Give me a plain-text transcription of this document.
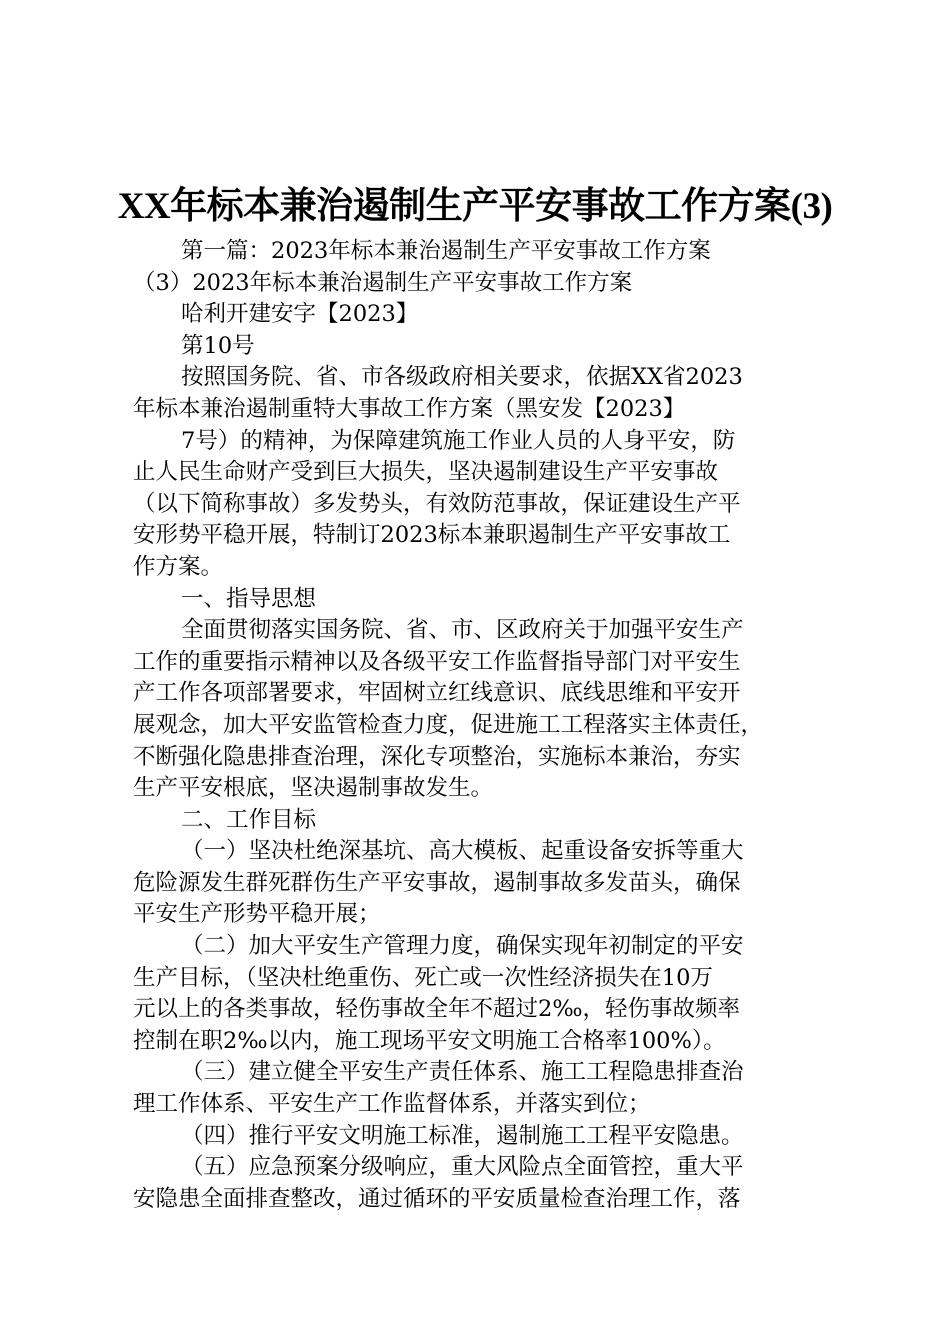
XX年标本兼治遏制生产平安事故工作方案(3)
第一篇：2023年标本兼治遏制生产平安事故工作方案
（3）2023年标本兼治遏制生产平安事故工作方案
哈利开建安字【2023】
第10号
按照国务院、省、市各级政府相关要求，依据XX省2023
年标本兼治遏制重特大事故工作方案（黑安发【2023】
7号）的精神，为保障建筑施工作业人员的人身平安，防
止人民生命财产受到巨大损失，坚决遏制建设生产平安事故
（以下简称事故）多发势头，有效防范事故，保证建设生产平
安形势平稳开展，特制订2023标本兼职遏制生产平安事故工
作方案。
一、指导思想
全面贯彻落实国务院、省、市、区政府关于加强平安生产
工作的重要指示精神以及各级平安工作监督指导部门对平安生
产工作各项部署要求，牢固树立红线意识、底线思维和平安开
展观念，加大平安监管检查力度，促进施工工程落实主体责任，
不断强化隐患排查治理，深化专项整治，实施标本兼治，夯实
生产平安根底，坚决遏制事故发生。
二、工作目标
（一）坚决杜绝深基坑、高大模板、起重设备安拆等重大
危险源发生群死群伤生产平安事故，遏制事故多发苗头，确保
平安生产形势平稳开展；
（二）加大平安生产管理力度，确保实现年初制定的平安
生产目标，（坚决杜绝重伤、死亡或一次性经济损失在10万
元以上的各类事故，轻伤事故全年不超过2‰，轻伤事故频率
控制在职2‰以内，施工现场平安文明施工合格率100%）。
（三）建立健全平安生产责任体系、施工工程隐患排查治
理工作体系、平安生产工作监督体系，并落实到位；
（四）推行平安文明施工标准，遏制施工工程平安隐患。
（五）应急预案分级响应，重大风险点全面管控，重大平
安隐患全面排查整改，通过循环的平安质量检查治理工作，落
